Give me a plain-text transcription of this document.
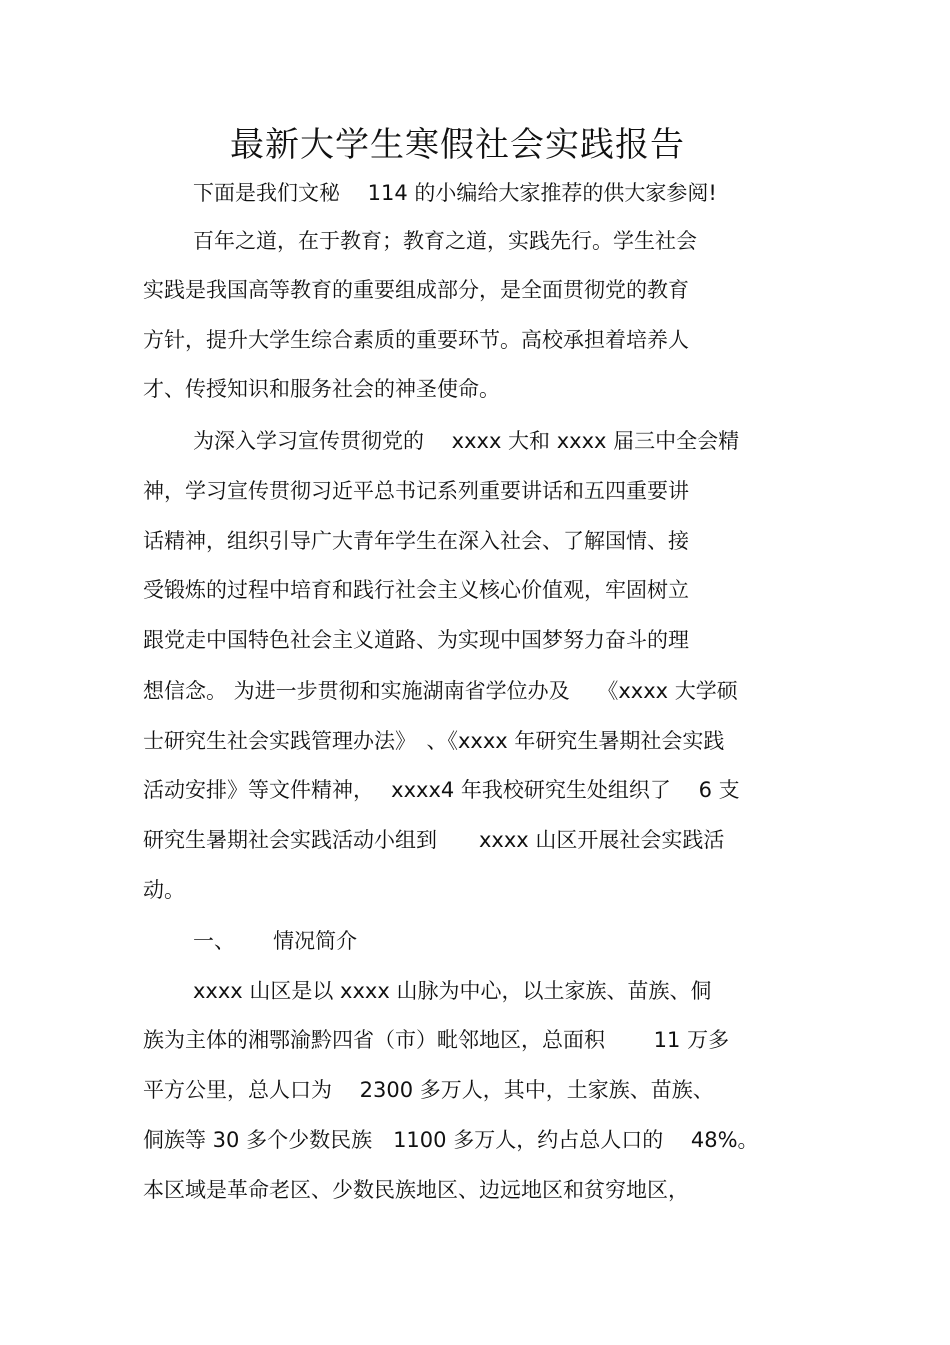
最新大学生寒假社会实践报告
下面是我们文秘　 114 的小编给大家推荐的供大家参阅!
百年之道，在于教育；教育之道，实践先行。学生社会
实践是我国高等教育的重要组成部分，是全面贯彻党的教育
方针，提升大学生综合素质的重要环节。高校承担着培养人
才、传授知识和服务社会的神圣使命。
为深入学习宣传贯彻党的　 xxxx 大和 xxxx 届三中全会精
神，学习宣传贯彻习近平总书记系列重要讲话和五四重要讲
话精神，组织引导广大青年学生在深入社会、了解国情、接
受锻炼的过程中培育和践行社会主义核心价值观，牢固树立
跟党走中国特色社会主义道路、为实现中国梦努力奋斗的理
想信念。 为进一步贯彻和实施湖南省学位办及　 《xxxx 大学硕
士研究生社会实践管理办法》　、《xxxx 年研究生暑期社会实践
活动安排》等文件精神，　 xxxx4 年我校研究生处组织了　 6 支
研究生暑期社会实践活动小组到　　xxxx 山区开展社会实践活
动。
一、　　 情况简介
xxxx 山区是以 xxxx 山脉为中心，以土家族、苗族、侗
族为主体的湘鄂渝黔四省（市）毗邻地区，总面积　　 11 万多
平方公里，总人口为　 2300 多万人，其中，土家族、苗族、
侗族等 30 多个少数民族　1100 多万人，约占总人口的　 48%。
本区域是革命老区、少数民族地区、边远地区和贫穷地区，
